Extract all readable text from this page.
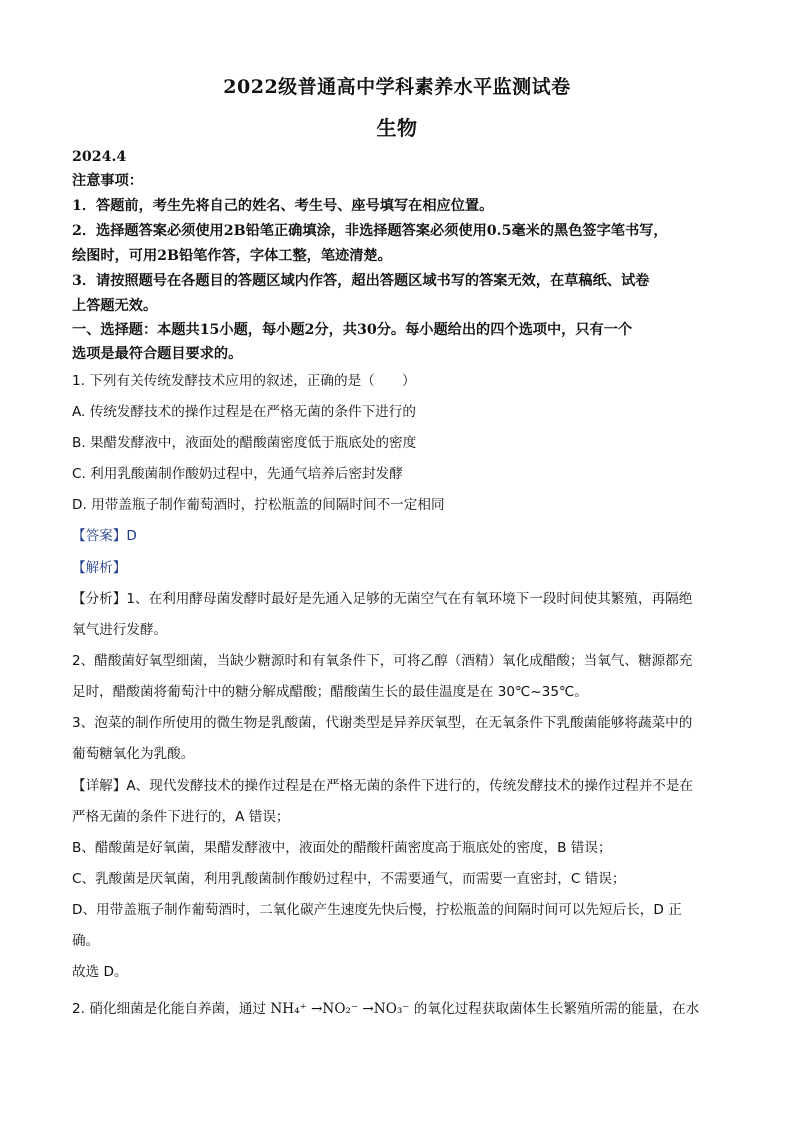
2022级普通高中学科素养水平监测试卷
生物
2024.4
注意事项：
1．答题前，考生先将自己的姓名、考生号、座号填写在相应位置。
2．选择题答案必须使用2B铅笔正确填涂，非选择题答案必须使用0.5毫米的黑色签字笔书写，
绘图时，可用2B铅笔作答，字体工整，笔迹清楚。
3．请按照题号在各题目的答题区域内作答，超出答题区域书写的答案无效，在草稿纸、试卷
上答题无效。
一、选择题：本题共15小题，每小题2分，共30分。每小题给出的四个选项中，只有一个
选项是最符合题目要求的。
1. 下列有关传统发酵技术应用的叙述，正确的是（　　）
A. 传统发酵技术的操作过程是在严格无菌的条件下进行的
B. 果醋发酵液中，液面处的醋酸菌密度低于瓶底处的密度
C. 利用乳酸菌制作酸奶过程中，先通气培养后密封发酵
D. 用带盖瓶子制作葡萄酒时，拧松瓶盖的间隔时间不一定相同
【答案】D
【解析】
【分析】1、在利用酵母菌发酵时最好是先通入足够的无菌空气在有氧环境下一段时间使其繁殖，再隔绝
氧气进行发酵。
2、醋酸菌好氧型细菌，当缺少糖源时和有氧条件下，可将乙醇（酒精）氧化成醋酸；当氧气、糖源都充
足时，醋酸菌将葡萄汁中的糖分解成醋酸；醋酸菌生长的最佳温度是在 30℃~35℃。
3、泡菜的制作所使用的微生物是乳酸菌，代谢类型是异养厌氧型，在无氧条件下乳酸菌能够将蔬菜中的
葡萄糖氧化为乳酸。
【详解】A、现代发酵技术的操作过程是在严格无菌的条件下进行的，传统发酵技术的操作过程并不是在
严格无菌的条件下进行的，A 错误；
B、醋酸菌是好氧菌，果醋发酵液中，液面处的醋酸杆菌密度高于瓶底处的密度，B 错误；
C、乳酸菌是厌氧菌，利用乳酸菌制作酸奶过程中，不需要通气，而需要一直密封，C 错误；
D、用带盖瓶子制作葡萄酒时，二氧化碳产生速度先快后慢，拧松瓶盖的间隔时间可以先短后长，D 正
确。
故选 D。
2. 硝化细菌是化能自养菌，通过 NH₄⁺ →NO₂⁻ →NO₃⁻ 的氧化过程获取菌体生长繁殖所需的能量，在水
